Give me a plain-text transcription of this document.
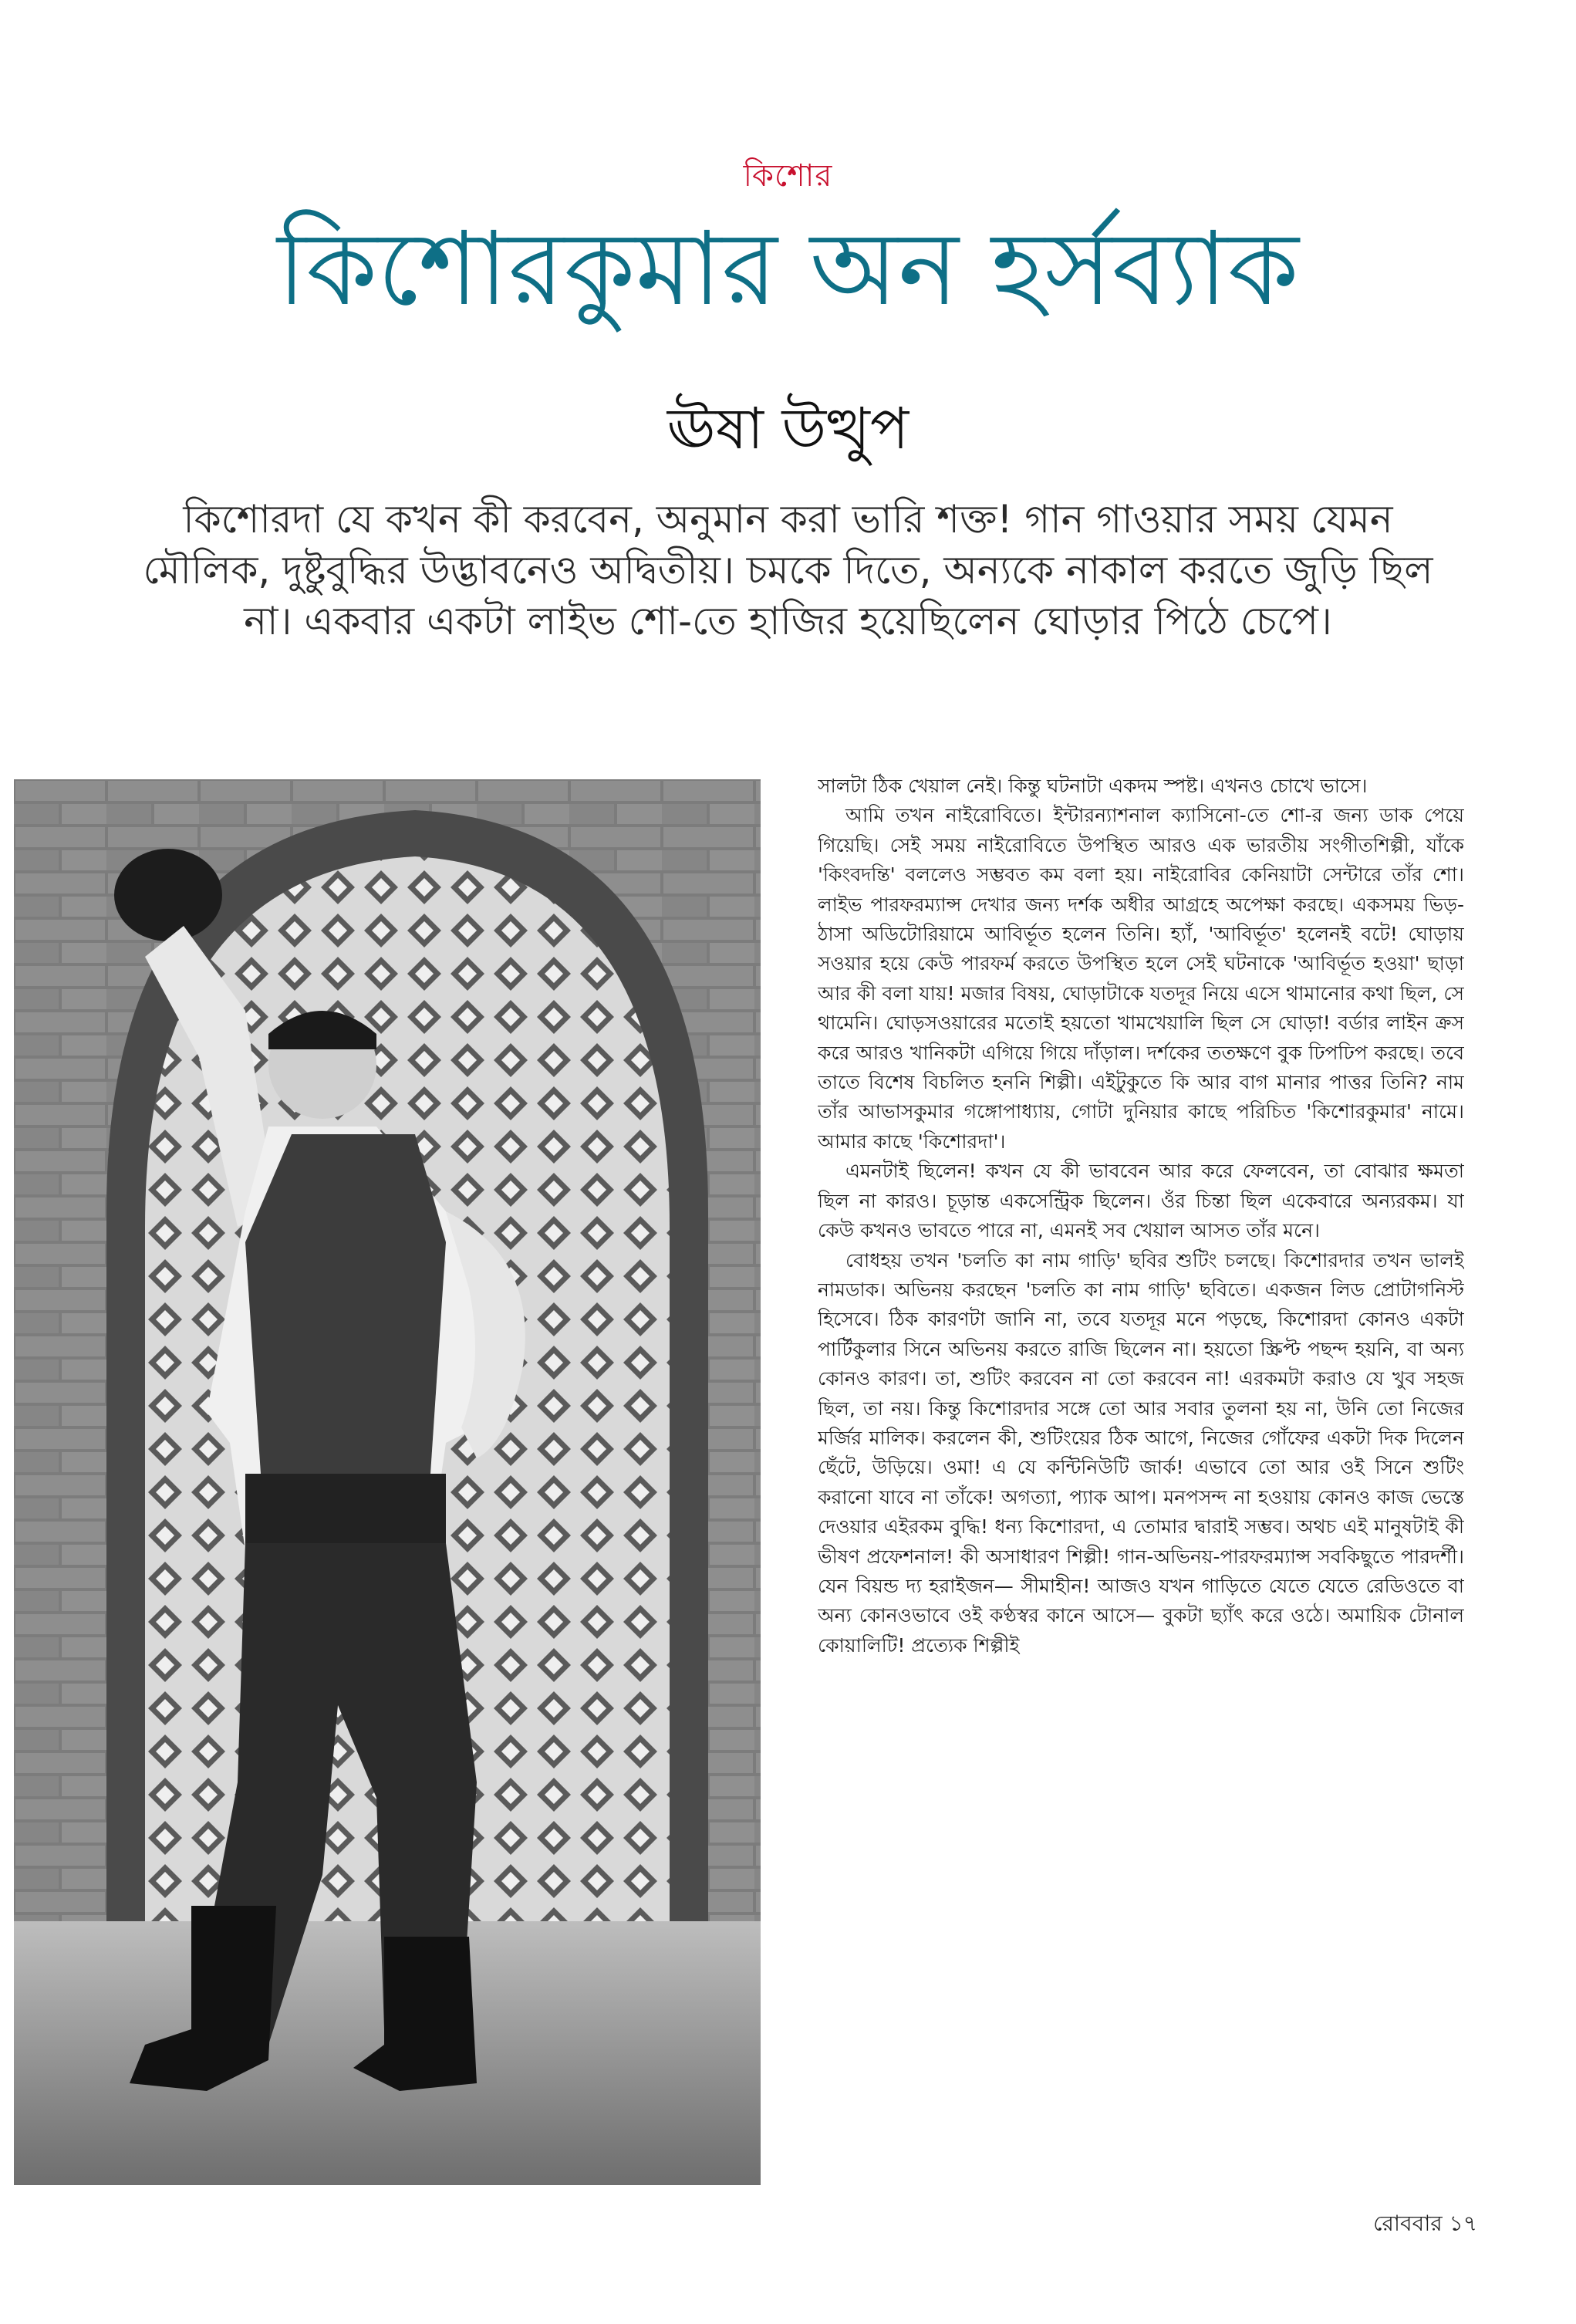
কিশোর
কিশোরকুমার অন হর্সব্যাক
ঊষা উত্থুপ
কিশোরদা যে কখন কী করবেন, অনুমান করা ভারি শক্ত! গান গাওয়ার সময় যেমন মৌলিক, দুষ্টুবুদ্ধির উদ্ভাবনেও অদ্বিতীয়। চমকে দিতে, অন্যকে নাকাল করতে জুড়ি ছিল না। একবার একটা লাইভ শো-তে হাজির হয়েছিলেন ঘোড়ার পিঠে চেপে।

সালটা ঠিক খেয়াল নেই। কিন্তু ঘটনাটা একদম স্পষ্ট। এখনও চোখে ভাসে।

আমি তখন নাইরোবিতে। ইন্টারন্যাশনাল ক্যাসিনো-তে শো-র জন্য ডাক পেয়ে গিয়েছি। সেই সময় নাইরোবিতে উপস্থিত আরও এক ভারতীয় সংগীতশিল্পী, যাঁকে 'কিংবদন্তি' বললেও সম্ভবত কম বলা হয়। নাইরোবির কেনিয়াটা সেন্টারে তাঁর শো। লাইভ পারফরম্যান্স দেখার জন্য দর্শক অধীর আগ্রহে অপেক্ষা করছে। একসময় ভিড়-ঠাসা অডিটোরিয়ামে আবির্ভূত হলেন তিনি। হ্যাঁ, 'আবির্ভূত' হলেনই বটে! ঘোড়ায় সওয়ার হয়ে কেউ পারফর্ম করতে উপস্থিত হলে সেই ঘটনাকে 'আবির্ভূত হওয়া' ছাড়া আর কী বলা যায়! মজার বিষয়, ঘোড়াটাকে যতদূর নিয়ে এসে থামানোর কথা ছিল, সে থামেনি। ঘোড়সওয়ারের মতোই হয়তো খামখেয়ালি ছিল সে ঘোড়া! বর্ডার লাইন ক্রস করে আরও খানিকটা এগিয়ে গিয়ে দাঁড়াল। দর্শকের ততক্ষণে বুক ঢিপঢিপ করছে। তবে তাতে বিশেষ বিচলিত হননি শিল্পী। এইটুকুতে কি আর বাগ মানার পাত্তর তিনি? নাম তাঁর আভাসকুমার গঙ্গোপাধ্যায়, গোটা দুনিয়ার কাছে পরিচিত 'কিশোরকুমার' নামে। আমার কাছে 'কিশোরদা'।

এমনটাই ছিলেন! কখন যে কী ভাববেন আর করে ফেলবেন, তা বোঝার ক্ষমতা ছিল না কারও। চূড়ান্ত একসেন্ট্রিক ছিলেন। ওঁর চিন্তা ছিল একেবারে অন্যরকম। যা কেউ কখনও ভাবতে পারে না, এমনই সব খেয়াল আসত তাঁর মনে।

বোধহয় তখন 'চলতি কা নাম গাড়ি' ছবির শুটিং চলছে। কিশোরদার তখন ভালই নামডাক। অভিনয় করছেন 'চলতি কা নাম গাড়ি' ছবিতে। একজন লিড প্রোটাগনিস্ট হিসেবে। ঠিক কারণটা জানি না, তবে যতদূর মনে পড়ছে, কিশোরদা কোনও একটা পার্টিকুলার সিনে অভিনয় করতে রাজি ছিলেন না। হয়তো স্ক্রিপ্ট পছন্দ হয়নি, বা অন্য কোনও কারণ। তা, শুটিং করবেন না তো করবেন না! এরকমটা করাও যে খুব সহজ ছিল, তা নয়। কিন্তু কিশোরদার সঙ্গে তো আর সবার তুলনা হয় না, উনি তো নিজের মর্জির মালিক। করলেন কী, শুটিংয়ের ঠিক আগে, নিজের গোঁফের একটা দিক দিলেন ছেঁটে, উড়িয়ে। ওমা! এ যে কন্টিনিউটি জার্ক! এভাবে তো আর ওই সিনে শুটিং করানো যাবে না তাঁকে! অগত্যা, প্যাক আপ। মনপসন্দ না হওয়ায় কোনও কাজ ভেস্তে দেওয়ার এইরকম বুদ্ধি! ধন্য কিশোরদা, এ তোমার দ্বারাই সম্ভব। অথচ এই মানুষটাই কী ভীষণ প্রফেশনাল! কী অসাধারণ শিল্পী! গান-অভিনয়-পারফরম্যান্স সবকিছুতে পারদর্শী। যেন বিয়ন্ড দ্য হরাইজন— সীমাহীন! আজও যখন গাড়িতে যেতে যেতে রেডিওতে বা অন্য কোনওভাবে ওই কণ্ঠস্বর কানে আসে— বুকটা ছ্যাঁৎ করে ওঠে। অমায়িক টোনাল কোয়ালিটি! প্রত্যেক শিল্পীই

রোববার ১৭
